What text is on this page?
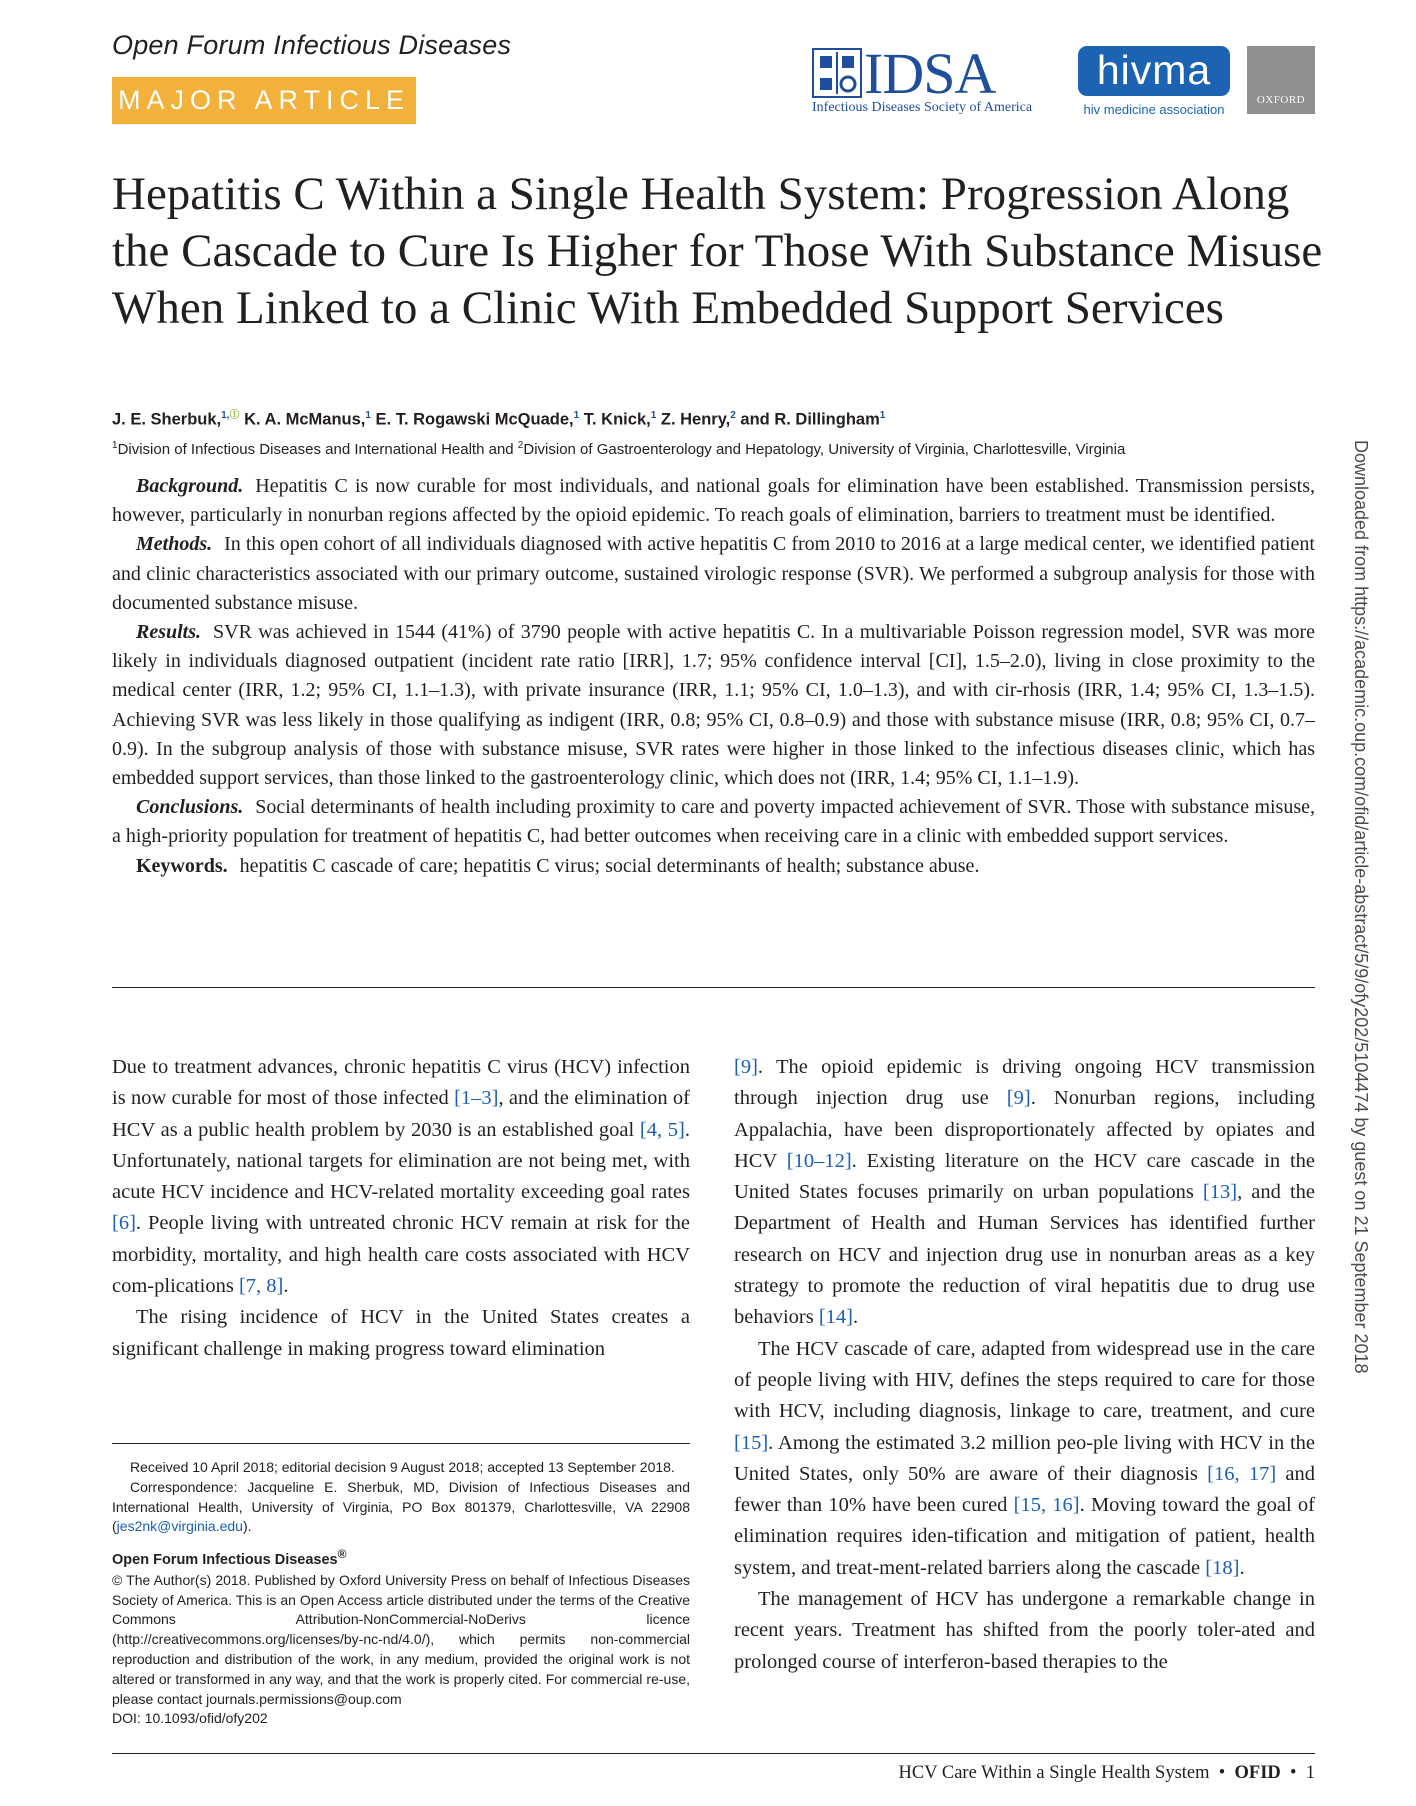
Open Forum Infectious Diseases
MAJOR ARTICLE	IDSA
Infectious Diseases Society of America
hivma
hiv medicine association
OXFORD
Hepatitis C Within a Single Health System: Progression Along the Cascade to Cure Is Higher for Those With Substance Misuse When Linked to a Clinic With Embedded Support Services
J. E. Sherbuk,$^{1,Ⓘ}$ K. A. McManus,$^1$ E. T. Rogawski McQuade,$^1$ T. Knick,$^1$ Z. Henry,$^2$ and R. Dillingham$^1$
$^1$Division of Infectious Diseases and International Health and $^2$Division of Gastroenterology and Hepatology, University of Virginia, Charlottesville, Virginia

Background. Hepatitis C is now curable for most individuals, and national goals for elimination have been established. Transmission persists, however, particularly in nonurban regions affected by the opioid epidemic. To reach goals of elimination, barriers to treatment must be identified.

Methods. In this open cohort of all individuals diagnosed with active hepatitis C from 2010 to 2016 at a large medical center, we identified patient and clinic characteristics associated with our primary outcome, sustained virologic response (SVR). We performed a subgroup analysis for those with documented substance misuse.

Results. SVR was achieved in 1544 (41%) of 3790 people with active hepatitis C. In a multivariable Poisson regression model, SVR was more likely in individuals diagnosed outpatient (incident rate ratio [IRR], 1.7; 95% confidence interval [CI], 1.5–2.0), living in close proximity to the medical center (IRR, 1.2; 95% CI, 1.1–1.3), with private insurance (IRR, 1.1; 95% CI, 1.0–1.3), and with cir-rhosis (IRR, 1.4; 95% CI, 1.3–1.5). Achieving SVR was less likely in those qualifying as indigent (IRR, 0.8; 95% CI, 0.8–0.9) and those with substance misuse (IRR, 0.8; 95% CI, 0.7–0.9). In the subgroup analysis of those with substance misuse, SVR rates were higher in those linked to the infectious diseases clinic, which has embedded support services, than those linked to the gastroenterology clinic, which does not (IRR, 1.4; 95% CI, 1.1–1.9).

Conclusions. Social determinants of health including proximity to care and poverty impacted achievement of SVR. Those with substance misuse, a high-priority population for treatment of hepatitis C, had better outcomes when receiving care in a clinic with embedded support services.

Keywords. hepatitis C cascade of care; hepatitis C virus; social determinants of health; substance abuse.

Due to treatment advances, chronic hepatitis C virus (HCV) infection is now curable for most of those infected [1–3], and the elimination of HCV as a public health problem by 2030 is an established goal [4, 5]. Unfortunately, national targets for elimination are not being met, with acute HCV incidence and HCV-related mortality exceeding goal rates [6]. People living with untreated chronic HCV remain at risk for the morbidity, mortality, and high health care costs associated with HCV com-plications [7, 8].

The rising incidence of HCV in the United States creates a significant challenge in making progress toward elimination

Received 10 April 2018; editorial decision 9 August 2018; accepted 13 September 2018.

Correspondence: Jacqueline E. Sherbuk, MD, Division of Infectious Diseases and International Health, University of Virginia, PO Box 801379, Charlottesville, VA 22908 (jes2nk@virginia.edu).

Open Forum Infectious Diseases®

© The Author(s) 2018. Published by Oxford University Press on behalf of Infectious Diseases Society of America. This is an Open Access article distributed under the terms of the Creative Commons Attribution-NonCommercial-NoDerivs licence (http://creativecommons.org/licenses/by-nc-nd/4.0/), which permits non-commercial reproduction and distribution of the work, in any medium, provided the original work is not altered or transformed in any way, and that the work is properly cited. For commercial re-use, please contact journals.permissions@oup.com

DOI: 10.1093/ofid/ofy202

[9]. The opioid epidemic is driving ongoing HCV transmission through injection drug use [9]. Nonurban regions, including Appalachia, have been disproportionately affected by opiates and HCV [10–12]. Existing literature on the HCV care cascade in the United States focuses primarily on urban populations [13], and the Department of Health and Human Services has identified further research on HCV and injection drug use in nonurban areas as a key strategy to promote the reduction of viral hepatitis due to drug use behaviors [14].

The HCV cascade of care, adapted from widespread use in the care of people living with HIV, defines the steps required to care for those with HCV, including diagnosis, linkage to care, treatment, and cure [15]. Among the estimated 3.2 million peo-ple living with HCV in the United States, only 50% are aware of their diagnosis [16, 17] and fewer than 10% have been cured [15, 16]. Moving toward the goal of elimination requires iden-tification and mitigation of patient, health system, and treat-ment-related barriers along the cascade [18].

The management of HCV has undergone a remarkable change in recent years. Treatment has shifted from the poorly toler-ated and prolonged course of interferon-based therapies to the

HCV Care Within a Single Health System • OFID • 1
Downloaded from https://academic.oup.com/ofid/article-abstract/5/9/ofy202/5104474 by guest on 21 September 2018
